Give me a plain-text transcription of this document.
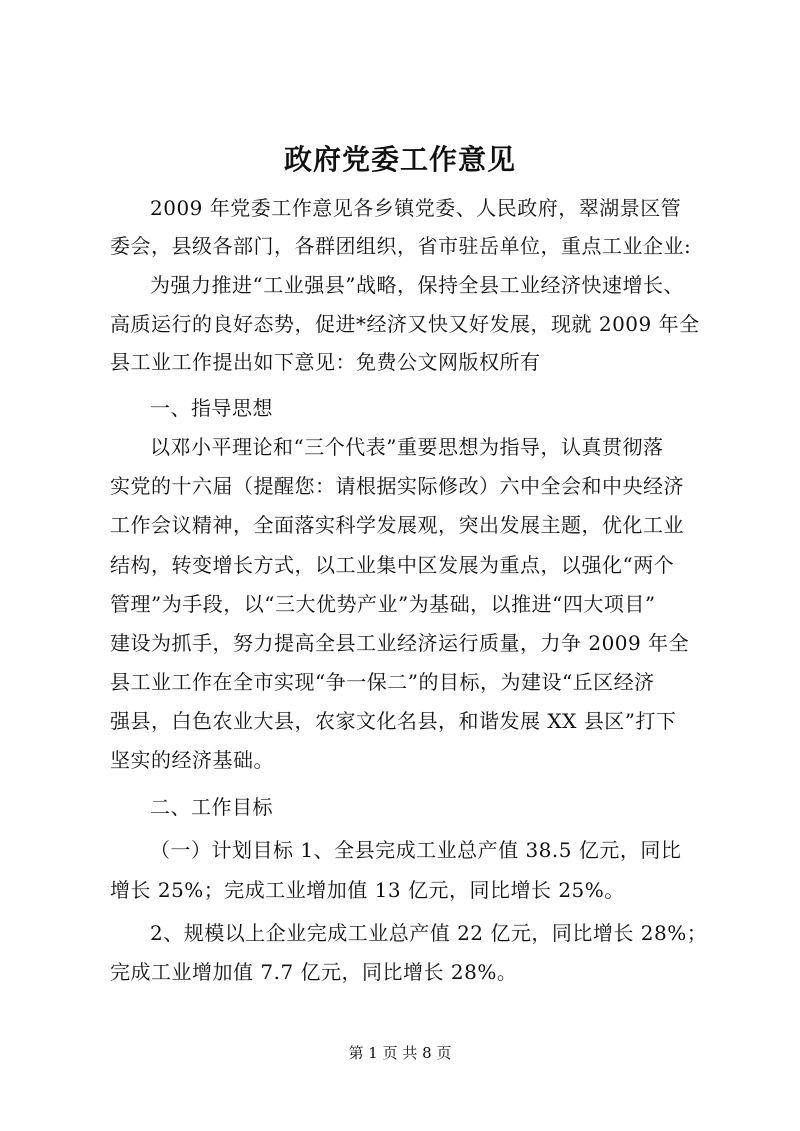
政府党委工作意见
2009 年党委工作意见各乡镇党委、人民政府，翠湖景区管
委会，县级各部门，各群团组织，省市驻岳单位，重点工业企业:
为强力推进“工业强县”战略，保持全县工业经济快速增长、
高质运行的良好态势，促进*经济又快又好发展，现就 2009 年全
县工业工作提出如下意见：免费公文网版权所有
一、指导思想
以邓小平理论和“三个代表”重要思想为指导，认真贯彻落
实党的十六届（提醒您：请根据实际修改）六中全会和中央经济
工作会议精神，全面落实科学发展观，突出发展主题，优化工业
结构，转变增长方式，以工业集中区发展为重点，以强化“两个
管理”为手段，以“三大优势产业”为基础，以推进“四大项目”
建设为抓手，努力提高全县工业经济运行质量，力争 2009 年全
县工业工作在全市实现“争一保二”的目标，为建设“丘区经济
强县，白色农业大县，农家文化名县，和谐发展 XX 县区”打下
坚实的经济基础。
二、工作目标
（一）计划目标 1、全县完成工业总产值 38.5 亿元，同比
增长 25%；完成工业增加值 13 亿元，同比增长 25%。
2、规模以上企业完成工业总产值 22 亿元，同比增长 28%；
完成工业增加值 7.7 亿元，同比增长 28%。
第 1 页 共 8 页
